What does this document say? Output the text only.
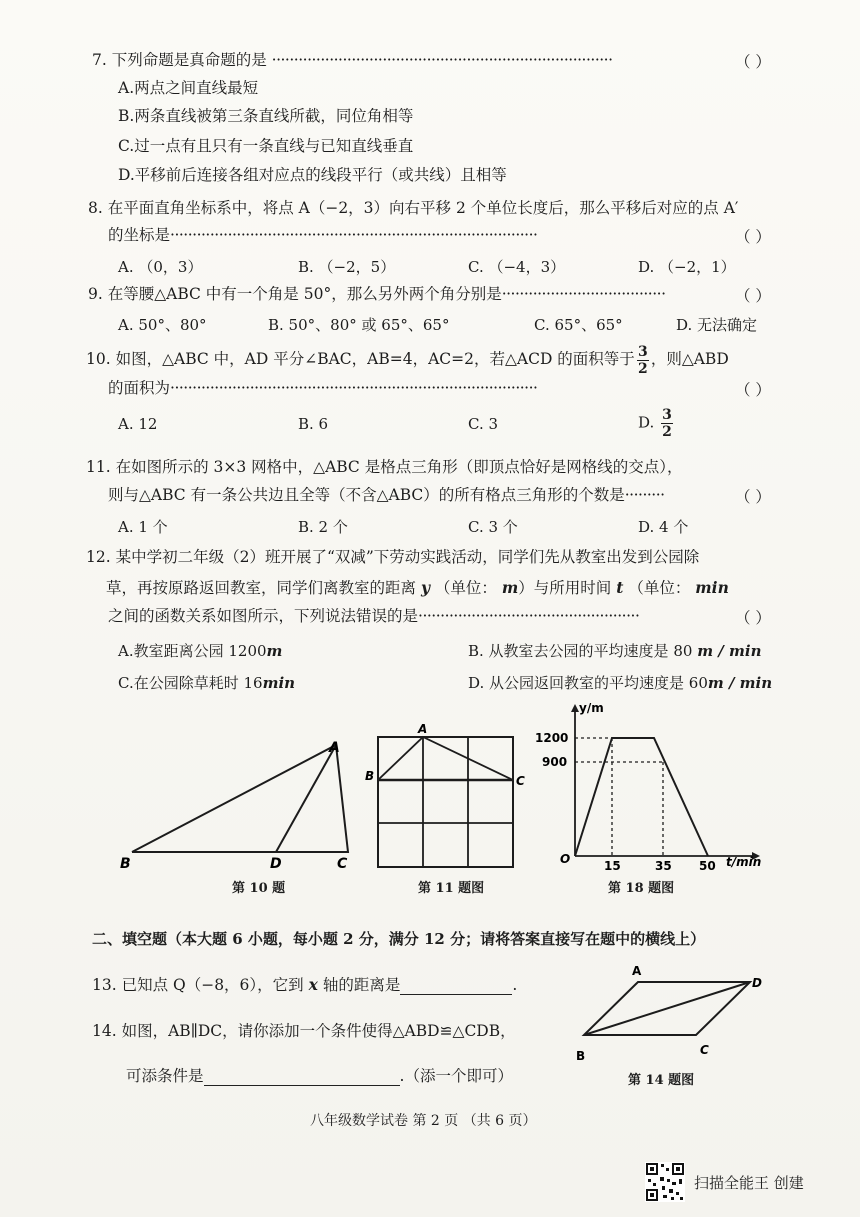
7. 下列命题是真命题的是 ·············································································	（ ）
A.两点之间直线最短
B.两条直线被第三条直线所截，同位角相等
C.过一点有且只有一条直线与已知直线垂直
D.平移前后连接各组对应点的线段平行（或共线）且相等
8. 在平面直角坐标系中，将点 A（−2，3）向右平移 2 个单位长度后，那么平移后对应的点 A′
的坐标是···················································································	（ ）
A. （0，3）	B. （−2，5）	C. （−4，3）	D. （−2，1）
9. 在等腰△ABC 中有一个角是 50°，那么另外两个角分别是·····································	（ ）
A. 50°、80°	B. 50°、80° 或 65°、65°	C. 65°、65°	D. 无法确定
10. 如图，△ABC 中，AD 平分∠BAC，AB=4，AC=2，若△ACD 的面积等于 $\frac{3}{2}$ ，则△ABD
的面积为···················································································	（ ）
A. 12	B. 6	C. 3	D. $\frac{3}{2}$
11. 在如图所示的 3×3 网格中，△ABC 是格点三角形（即顶点恰好是网格线的交点），
则与△ABC 有一条公共边且全等（不含△ABC）的所有格点三角形的个数是·········	（ ）
A. 1 个	B. 2 个	C. 3 个	D. 4 个
12. 某中学初二年级（2）班开展了“双减”下劳动实践活动，同学们先从教室出发到公园除
草，再按原路返回教室，同学们离教室的距离 y （单位： m）与所用时间 t （单位： min
之间的函数关系如图所示，下列说法错误的是··················································	（ ）
A.教室距离公园 1200m	B. 从教室去公园的平均速度是 80 m / min
C.在公园除草耗时 16min	D. 从公园返回教室的平均速度是 60m / min
A
B	D	C
第 10 题
A
B	C
第 11 题图
y/m
t/min
O
1200
900
15	35 50
第 18 题图
二、填空题（本大题 6 小题，每小题 2 分，满分 12 分；请将答案直接写在题中的横线上）
13. 已知点 Q（−8，6），它到 x 轴的距离是	.
14. 如图，AB∥DC，请你添加一个条件使得△ABD≌△CDB，
可添条件是	.（添一个即可）
A
D
B	C
第 14 题图
八年级数学试卷 第 2 页 （共 6 页）
扫描全能王 创建
